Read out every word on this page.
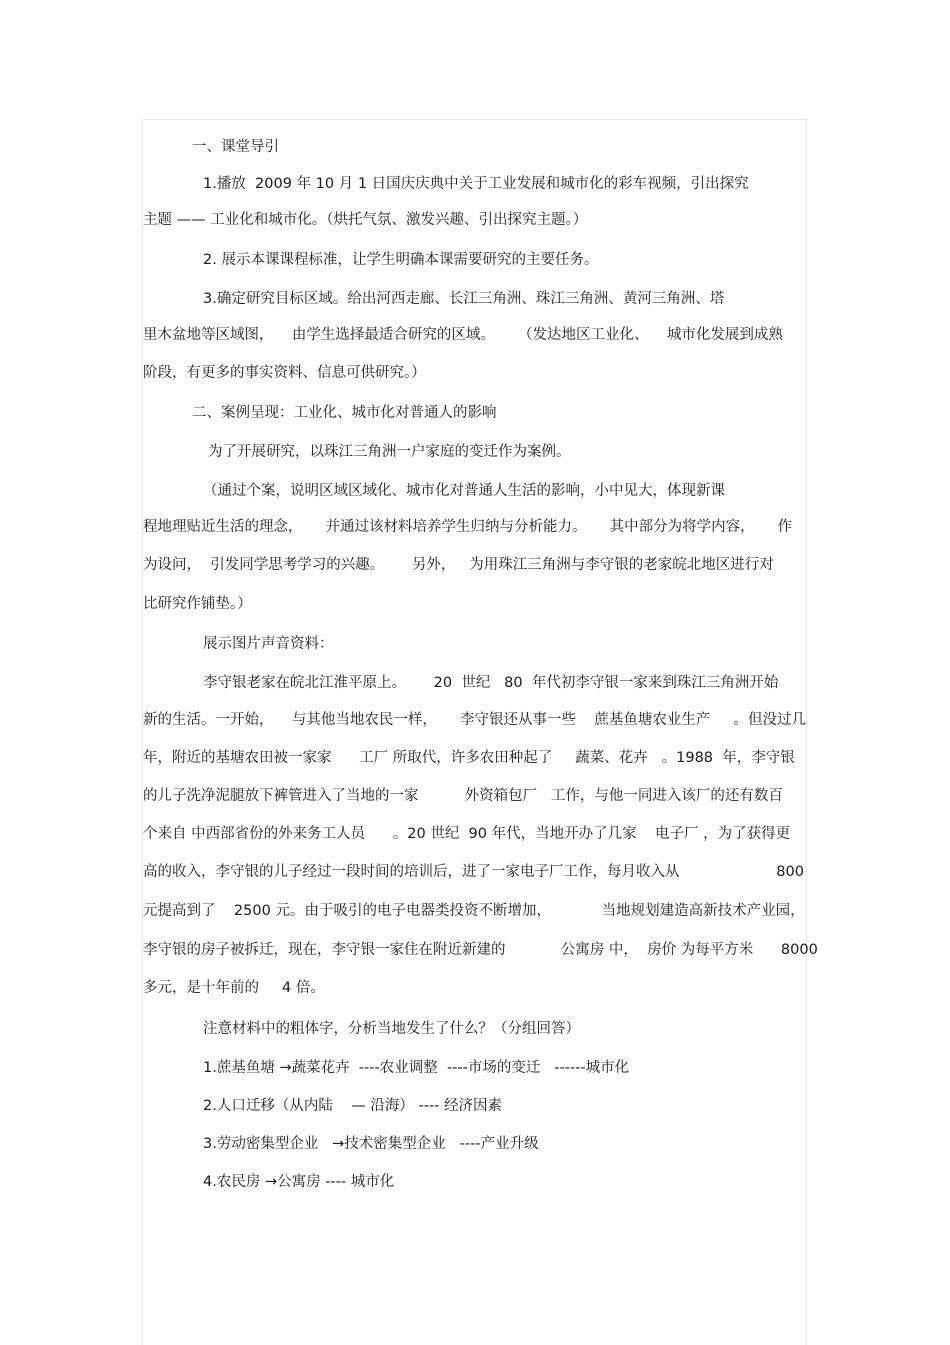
一、课堂导引
1.播放  2009 年 10 月 1 日国庆庆典中关于工业发展和城市化的彩车视频，引出探究
主题 —— 工业化和城市化。（烘托气氛、激发兴趣、引出探究主题。）
2. 展示本课课程标准，让学生明确本课需要研究的主要任务。
3.确定研究目标区域。给出河西走廊、长江三角洲、珠江三角洲、黄河三角洲、塔
里木盆地等区域图，    由学生选择最适合研究的区域。     （发达地区工业化、    城市化发展到成熟
阶段，有更多的事实资料、信息可供研究。）
二、案例呈现：工业化、城市化对普通人的影响
为了开展研究，以珠江三角洲一户家庭的变迁作为案例。
（通过个案，说明区域区域化、城市化对普通人生活的影响，小中见大，体现新课
程地理贴近生活的理念，     并通过该材料培养学生归纳与分析能力。     其中部分为将学内容，     作
为设问，  引发同学思考学习的兴趣。      另外，   为用珠江三角洲与李守银的老家皖北地区进行对
比研究作铺垫。）
展示图片声音资料：
李守银老家在皖北江淮平原上。      20  世纪   80  年代初李守银一家来到珠江三角洲开始
新的生活。一开始，    与其他当地农民一样，     李守银还从事一些    蔗基鱼塘农业生产     。但没过几
年，附近的基塘农田被一家家      工厂 所取代，许多农田种起了     蔬菜、花卉   。1988  年，李守银
的儿子洗净泥腿放下裤管进入了当地的一家          外资箱包厂   工作，与他一同进入该厂的还有数百
个来自 中西部省份的外来务工人员      。20 世纪  90 年代，当地开办了几家    电子厂 ，为了获得更
高的收入，李守银的儿子经过一段时间的培训后，进了一家电子厂工作，每月收入从                     800
元提高到了    2500 元。由于吸引的电子电器类投资不断增加，           当地规划建造高新技术产业园，
李守银的房子被拆迁，现在，李守银一家住在附近新建的            公寓房 中，  房价 为每平方米      8000
多元，是十年前的     4 倍。
注意材料中的粗体字，分析当地发生了什么？（分组回答）
1.蔗基鱼塘 →蔬菜花卉  ----农业调整  ----市场的变迁   ------城市化
2.人口迁移（从内陆    — 沿海） ---- 经济因素
3.劳动密集型企业   →技术密集型企业   ----产业升级
4.农民房 →公寓房 ---- 城市化
